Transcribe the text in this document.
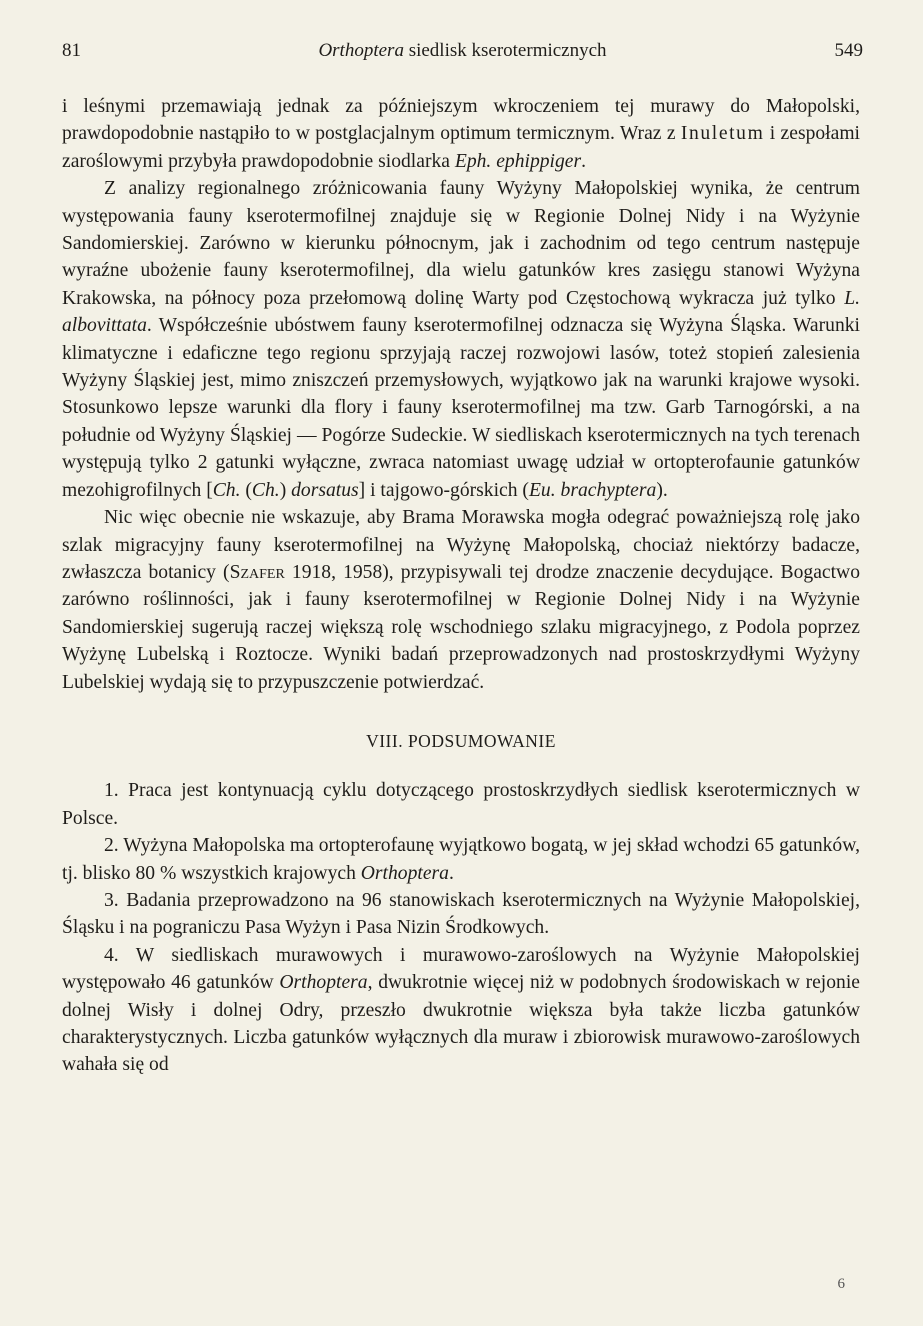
81	Orthoptera siedlisk kserotermicznych	549

i leśnymi przemawiają jednak za późniejszym wkroczeniem tej murawy do Małopolski, prawdopodobnie nastąpiło to w postglacjalnym optimum termicznym. Wraz z Inuletum i zespołami zaroślowymi przybyła prawdopodobnie siodlarka Eph. ephippiger.

Z analizy regionalnego zróżnicowania fauny Wyżyny Małopolskiej wynika, że centrum występowania fauny kserotermofilnej znajduje się w Regionie Dolnej Nidy i na Wyżynie Sandomierskiej. Zarówno w kierunku północnym, jak i zachodnim od tego centrum następuje wyraźne ubożenie fauny kserotermofilnej, dla wielu gatunków kres zasięgu stanowi Wyżyna Krakowska, na północy poza przełomową dolinę Warty pod Częstochową wykracza już tylko L. albovittata. Współcześnie ubóstwem fauny kserotermofilnej odznacza się Wyżyna Śląska. Warunki klimatyczne i edaficzne tego regionu sprzyjają raczej rozwojowi lasów, toteż stopień zalesienia Wyżyny Śląskiej jest, mimo zniszczeń przemysłowych, wyjątkowo jak na warunki krajowe wysoki. Stosunkowo lepsze warunki dla flory i fauny kserotermofilnej ma tzw. Garb Tarnogórski, a na południe od Wyżyny Śląskiej — Pogórze Sudeckie. W siedliskach kserotermicznych na tych terenach występują tylko 2 gatunki wyłączne, zwraca natomiast uwagę udział w ortopterofaunie gatunków mezohigrofilnych [Ch. (Ch.) dorsatus] i tajgowo-górskich (Eu. brachyptera).

Nic więc obecnie nie wskazuje, aby Brama Morawska mogła odegrać poważniejszą rolę jako szlak migracyjny fauny kserotermofilnej na Wyżynę Małopolską, chociaż niektórzy badacze, zwłaszcza botanicy (Szafer 1918, 1958), przypisywali tej drodze znaczenie decydujące. Bogactwo zarówno roślinności, jak i fauny kserotermofilnej w Regionie Dolnej Nidy i na Wyżynie Sandomierskiej sugerują raczej większą rolę wschodniego szlaku migracyjnego, z Podola poprzez Wyżynę Lubelską i Roztocze. Wyniki badań przeprowadzonych nad prostoskrzydłymi Wyżyny Lubelskiej wydają się to przypuszczenie potwierdzać.

VIII. PODSUMOWANIE

1. Praca jest kontynuacją cyklu dotyczącego prostoskrzydłych siedlisk kserotermicznych w Polsce.

2. Wyżyna Małopolska ma ortopterofaunę wyjątkowo bogatą, w jej skład wchodzi 65 gatunków, tj. blisko 80 % wszystkich krajowych Orthoptera.

3. Badania przeprowadzono na 96 stanowiskach kserotermicznych na Wyżynie Małopolskiej, Śląsku i na pograniczu Pasa Wyżyn i Pasa Nizin Środkowych.

4. W siedliskach murawowych i murawowo-zaroślowych na Wyżynie Małopolskiej występowało 46 gatunków Orthoptera, dwukrotnie więcej niż w podobnych środowiskach w rejonie dolnej Wisły i dolnej Odry, przeszło dwukrotnie większa była także liczba gatunków charakterystycznych. Liczba gatunków wyłącznych dla muraw i zbiorowisk murawowo-zaroślowych wahała się od

6
